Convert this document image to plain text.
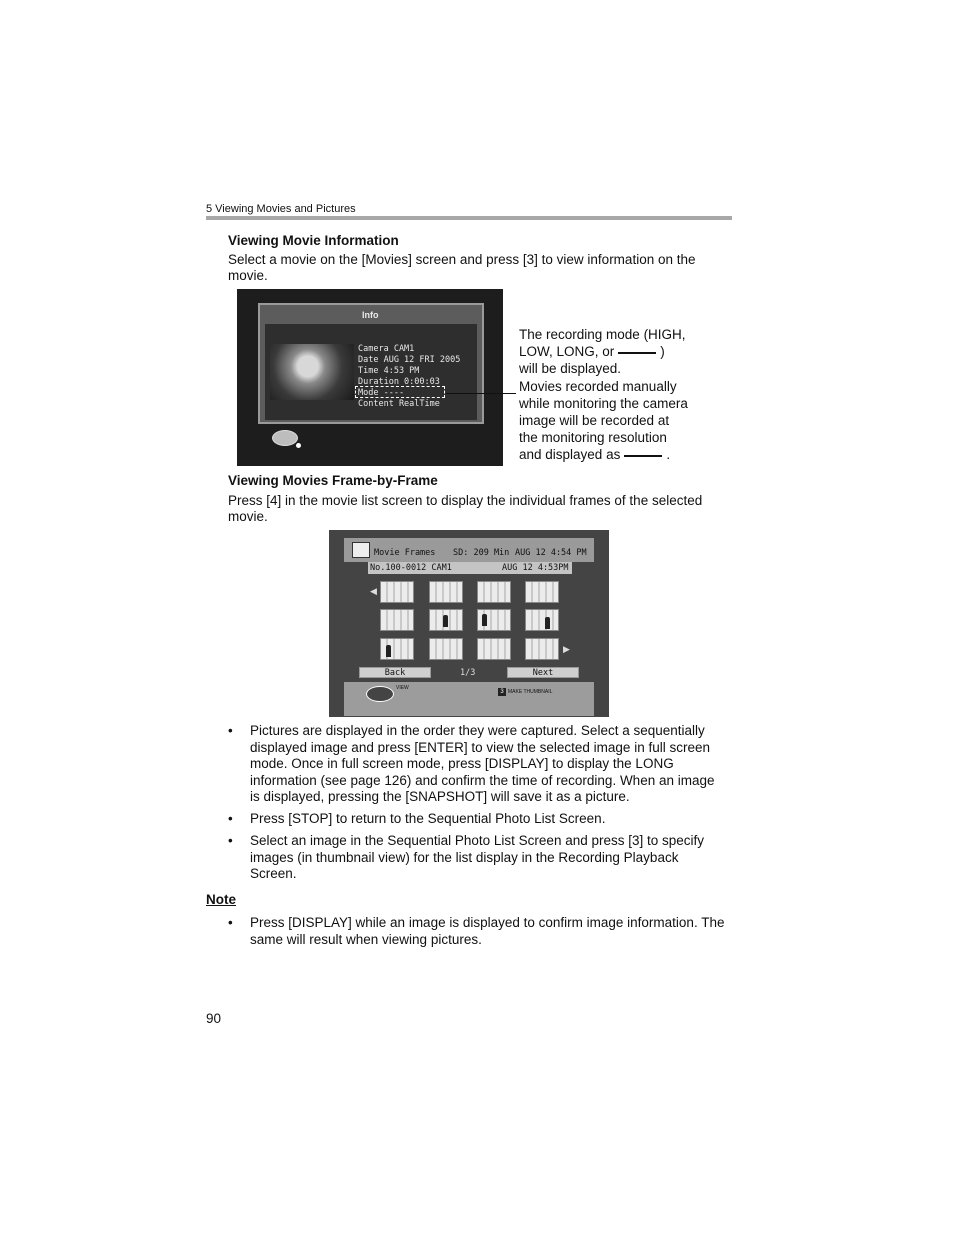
5 Viewing Movies and Pictures
Viewing Movie Information
Select a movie on the [Movies] screen and press [3] to view information on the
movie.
Info
Camera CAM1
Date AUG 12 FRI 2005
Time 4:53 PM
Duration 0:00:03
Mode ----
Content RealTime
The recording mode (HIGH,
LOW, LONG, or	)
will be displayed.
Movies recorded manually
while monitoring the camera
image will be recorded at
the monitoring resolution
and displayed as	.
Viewing Movies Frame-by-Frame
Press [4] in the movie list screen to display the individual frames of the selected
movie.
Movie Frames SD: 209 Min AUG 12 4:54 PM
No.100-0012 CAM1	AUG 12 4:53PM
◀
▶
Back	1/3	Next
VIEW
3 MAKE THUMBNAIL
• Pictures are displayed in the order they were captured. Select a sequentially
displayed image and press [ENTER] to view the selected image in full screen
mode. Once in full screen mode, press [DISPLAY] to display the LONG
information (see page 126) and confirm the time of recording. When an image
is displayed, pressing the [SNAPSHOT] will save it as a picture.
• Press [STOP] to return to the Sequential Photo List Screen.
• Select an image in the Sequential Photo List Screen and press [3] to specify
images (in thumbnail view) for the list display in the Recording Playback
Screen.
Note
• Press [DISPLAY] while an image is displayed to confirm image information. The
same will result when viewing pictures.
90
